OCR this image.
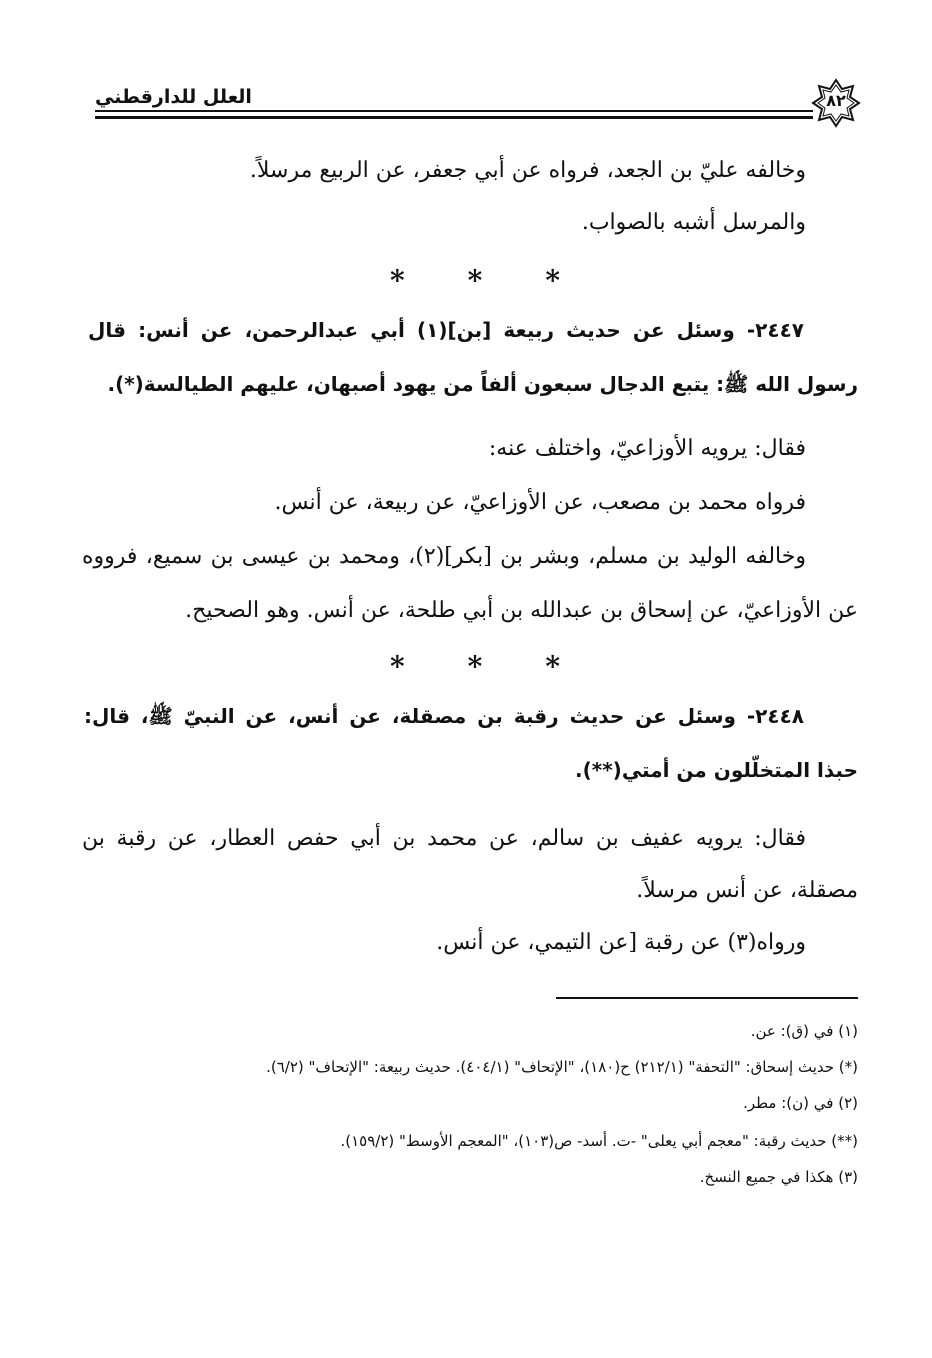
العلل للدارقطني	٨٢
وخالفه عليّ بن الجعد، فرواه عن أبي جعفر، عن الربيع مرسلاً.
والمرسل أشبه بالصواب.
* * *
٢٤٤٧- وسئل عن حديث ربيعة [بن](١) أبي عبدالرحمن، عن أنس: قال
رسول الله ﷺ: يتبع الدجال سبعون ألفاً من يهود أصبهان، عليهم الطيالسة(*).
فقال: يرويه الأوزاعيّ، واختلف عنه:
فرواه محمد بن مصعب، عن الأوزاعيّ، عن ربيعة، عن أنس.
وخالفه الوليد بن مسلم، وبشر بن [بكر](٢)، ومحمد بن عيسى بن سميع، فرووه
عن الأوزاعيّ، عن إسحاق بن عبدالله بن أبي طلحة، عن أنس. وهو الصحيح.
* * *
٢٤٤٨- وسئل عن حديث رقبة بن مصقلة، عن أنس، عن النبيّ ﷺ، قال:
حبذا المتخلّلون من أمتي(**).
فقال: يرويه عفيف بن سالم، عن محمد بن أبي حفص العطار، عن رقبة بن
مصقلة، عن أنس مرسلاً.
ورواه(٣) عن رقبة [عن التيمي، عن أنس.
(١) في (ق): عن.
(*) حديث إسحاق: "التحفة" (٢١٢/١) ح(١٨٠)، "الإتحاف" (٤٠٤/١). حديث ربيعة: "الإتحاف" (٦/٢).
(٢) في (ن): مطر.
(**) حديث رقبة: "معجم أبي يعلى" -ت. أسد- ص(١٠٣)، "المعجم الأوسط" (١٥٩/٢).
(٣) هكذا في جميع النسخ.
